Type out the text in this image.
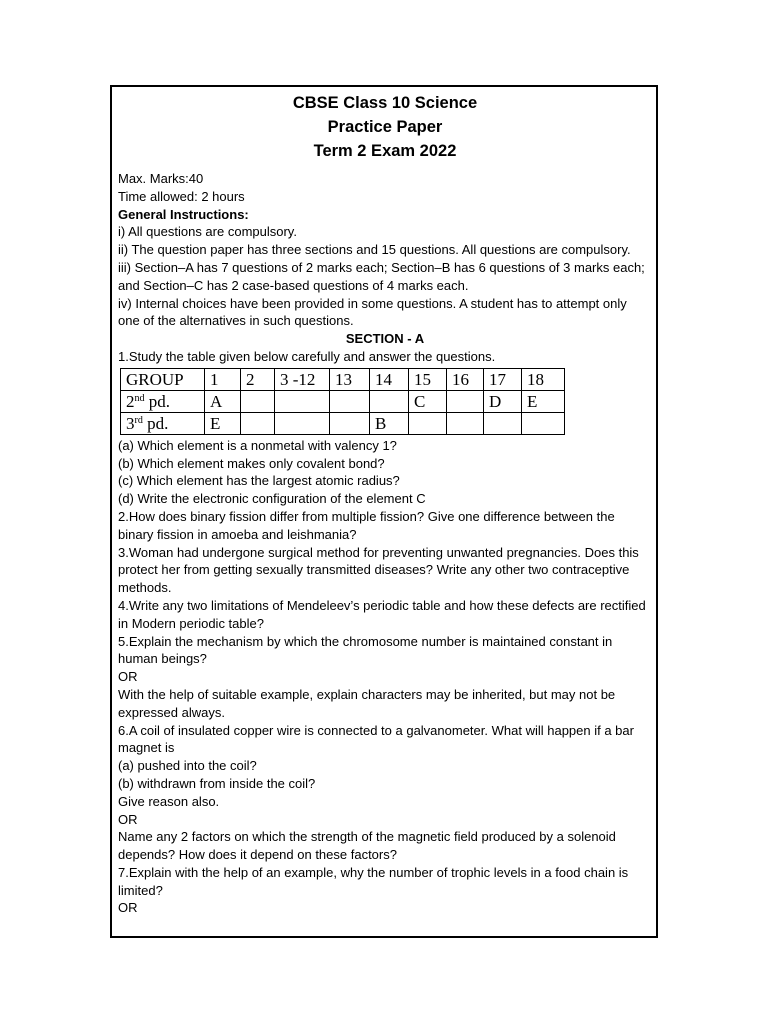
CBSE Class 10 Science

Practice Paper

Term 2 Exam 2022

Max. Marks:40

Time allowed: 2 hours

General Instructions:

i) All questions are compulsory.

ii) The question paper has three sections and 15 questions. All questions are compulsory.

iii) Section–A has 7 questions of 2 marks each; Section–B has 6 questions of 3 marks each; and Section–C has 2 case-based questions of 4 marks each.

iv) Internal choices have been provided in some questions. A student has to attempt only one of the alternatives in such questions.

SECTION - A

1.Study the table given below carefully and answer the questions.

GROUP	1	2	3 -12	13	14	15	16	17	18
2nd pd.	A					C		D	E
3rd pd.	E				B				

(a) Which element is a nonmetal with valency 1?

(b) Which element makes only covalent bond?

(c) Which element has the largest atomic radius?

(d) Write the electronic configuration of the element C

2.How does binary fission differ from multiple fission? Give one difference between the binary fission in amoeba and leishmania?

3.Woman had undergone surgical method for preventing unwanted pregnancies. Does this protect her from getting sexually transmitted diseases? Write any other two contraceptive methods.

4.Write any two limitations of Mendeleev’s periodic table and how these defects are rectified in Modern periodic table?

5.Explain the mechanism by which the chromosome number is maintained constant in human beings?

OR

With the help of suitable example, explain characters may be inherited, but may not be expressed always.

6.A coil of insulated copper wire is connected to a galvanometer. What will happen if a bar magnet is

(a) pushed into the coil?

(b) withdrawn from inside the coil?

Give reason also.

OR

Name any 2 factors on which the strength of the magnetic field produced by a solenoid depends? How does it depend on these factors?

7.Explain with the help of an example, why the number of trophic levels in a food chain is limited?

OR
